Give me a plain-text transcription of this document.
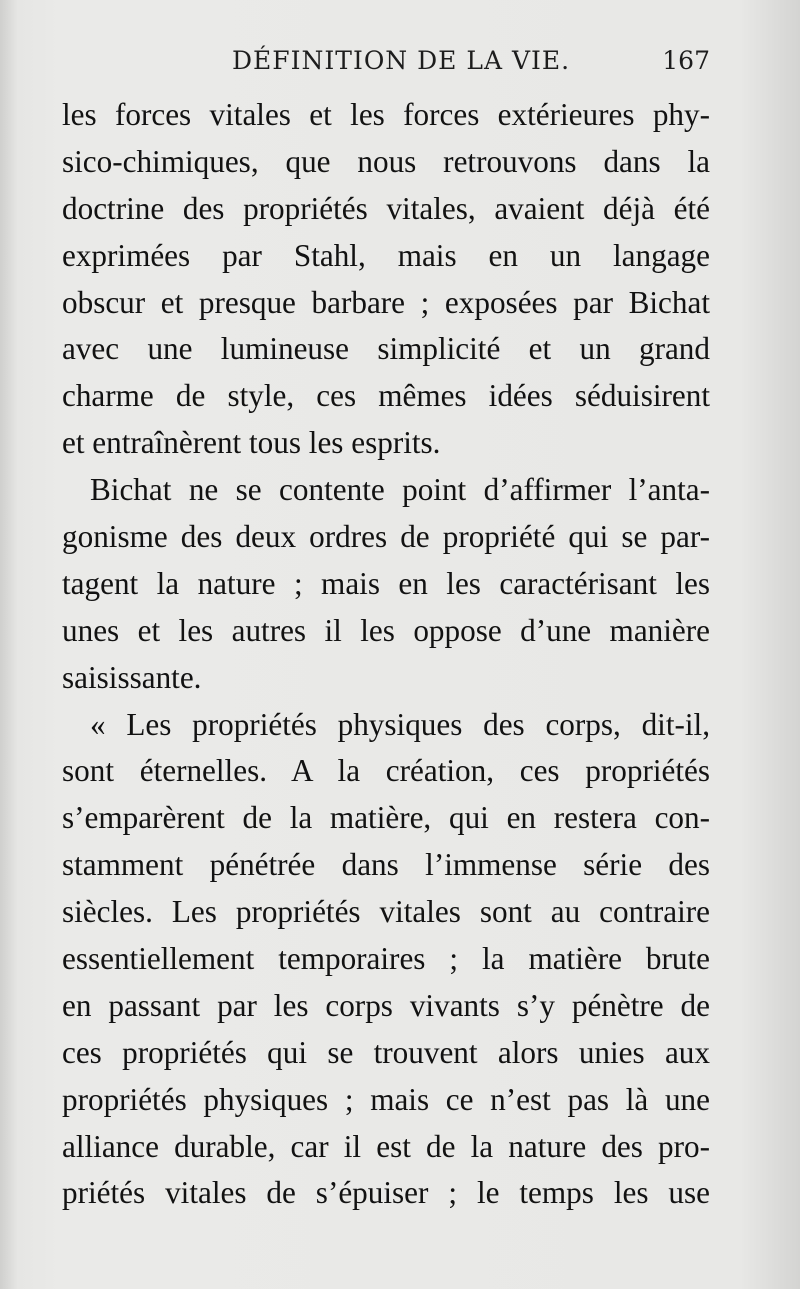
DÉFINITION DE LA VIE.	167
les forces vitales et les forces extérieures phy-
sico-chimiques, que nous retrouvons dans la
doctrine des propriétés vitales, avaient déjà été
exprimées par Stahl, mais en un langage
obscur et presque barbare ; exposées par Bichat
avec une lumineuse simplicité et un grand
charme de style, ces mêmes idées séduisirent
et entraînèrent tous les esprits.
Bichat ne se contente point d’affirmer l’anta-
gonisme des deux ordres de propriété qui se par-
tagent la nature ; mais en les caractérisant les
unes et les autres il les oppose d’une manière
saisissante.
« Les propriétés physiques des corps, dit-il,
sont éternelles. A la création, ces propriétés
s’emparèrent de la matière, qui en restera con-
stamment pénétrée dans l’immense série des
siècles. Les propriétés vitales sont au contraire
essentiellement temporaires ; la matière brute
en passant par les corps vivants s’y pénètre de
ces propriétés qui se trouvent alors unies aux
propriétés physiques ; mais ce n’est pas là une
alliance durable, car il est de la nature des pro-
priétés vitales de s’épuiser ; le temps les use
